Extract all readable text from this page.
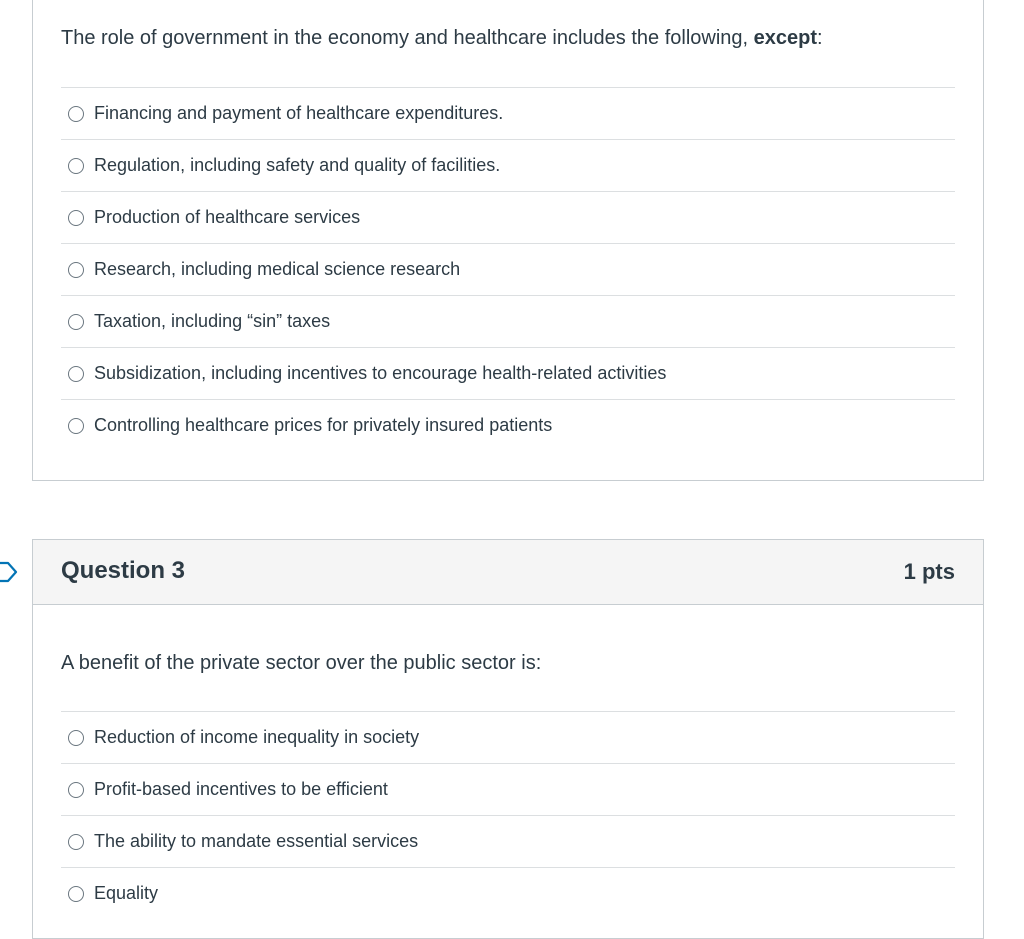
The role of government in the economy and healthcare includes the following, except:
Financing and payment of healthcare expenditures.
Regulation, including safety and quality of facilities.
Production of healthcare services
Research, including medical science research
Taxation, including “sin” taxes
Subsidization, including incentives to encourage health-related activities
Controlling healthcare prices for privately insured patients
Question 3	1 pts
A benefit of the private sector over the public sector is:
Reduction of income inequality in society
Profit-based incentives to be efficient
The ability to mandate essential services
Equality
